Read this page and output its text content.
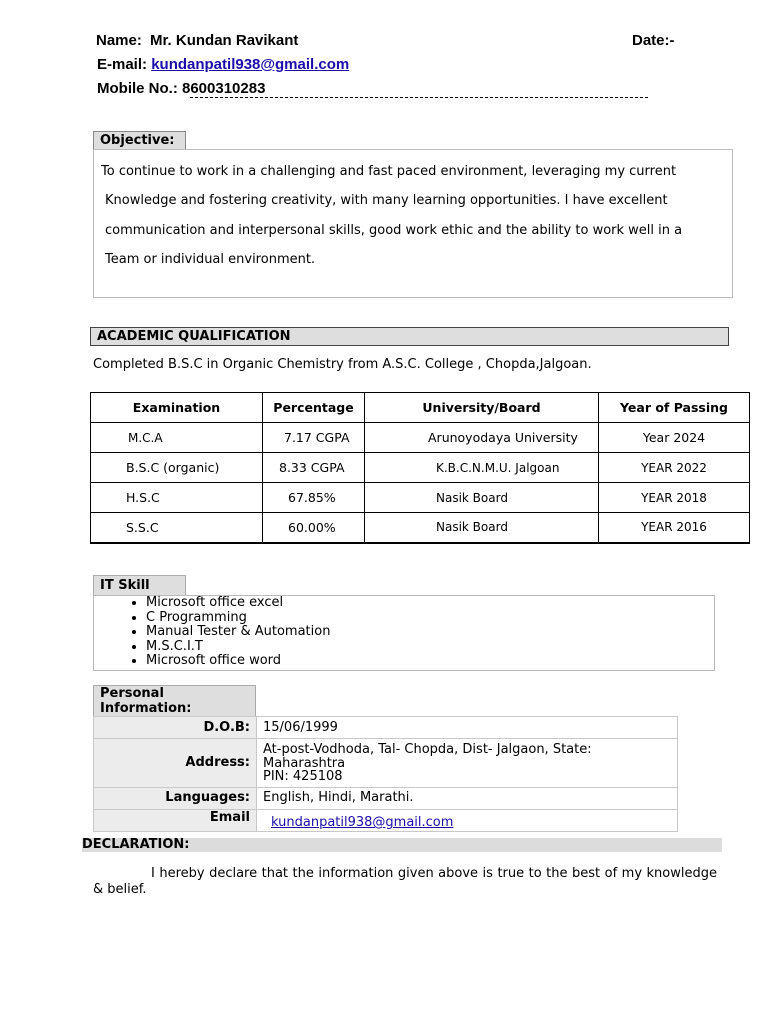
Name: Mr. Kundan Ravikant	Date:-
E-mail: kundanpatil938@gmail.com
Mobile No.: 8600310283
Objective:

To continue to work in a challenging and fast paced environment, leveraging my current

Knowledge and fostering creativity, with many learning opportunities. I have excellent

communication and interpersonal skills, good work ethic and the ability to work well in a

Team or individual environment.

ACADEMIC QUALIFICATION
Completed B.S.C in Organic Chemistry from A.S.C. College , Chopda,Jalgoan.
Examination	Percentage	University/Board	Year of Passing
M.C.A	7.17 CGPA	Arunoyodaya University	Year 2024
B.S.C (organic)	8.33 CGPA	K.B.C.N.M.U. Jalgoan	YEAR 2022
H.S.C	67.85%	Nasik Board	YEAR 2018
S.S.C	60.00%	Nasik Board	YEAR 2016
IT Skill
• Microsoft office excel
• C Programming
• Manual Tester & Automation
• M.S.C.I.T
• Microsoft office word
Personal
Information:
D.O.B:	15/06/1999
Address:	At-post-Vodhoda, Tal- Chopda, Dist- Jalgaon, State:
Maharashtra
PIN: 425108

Languages:	English, Hindi, Marathi.
Email	kundanpatil938@gmail.com
DECLARATION:
I hereby declare that the information given above is true to the best of my knowledge & belief.
